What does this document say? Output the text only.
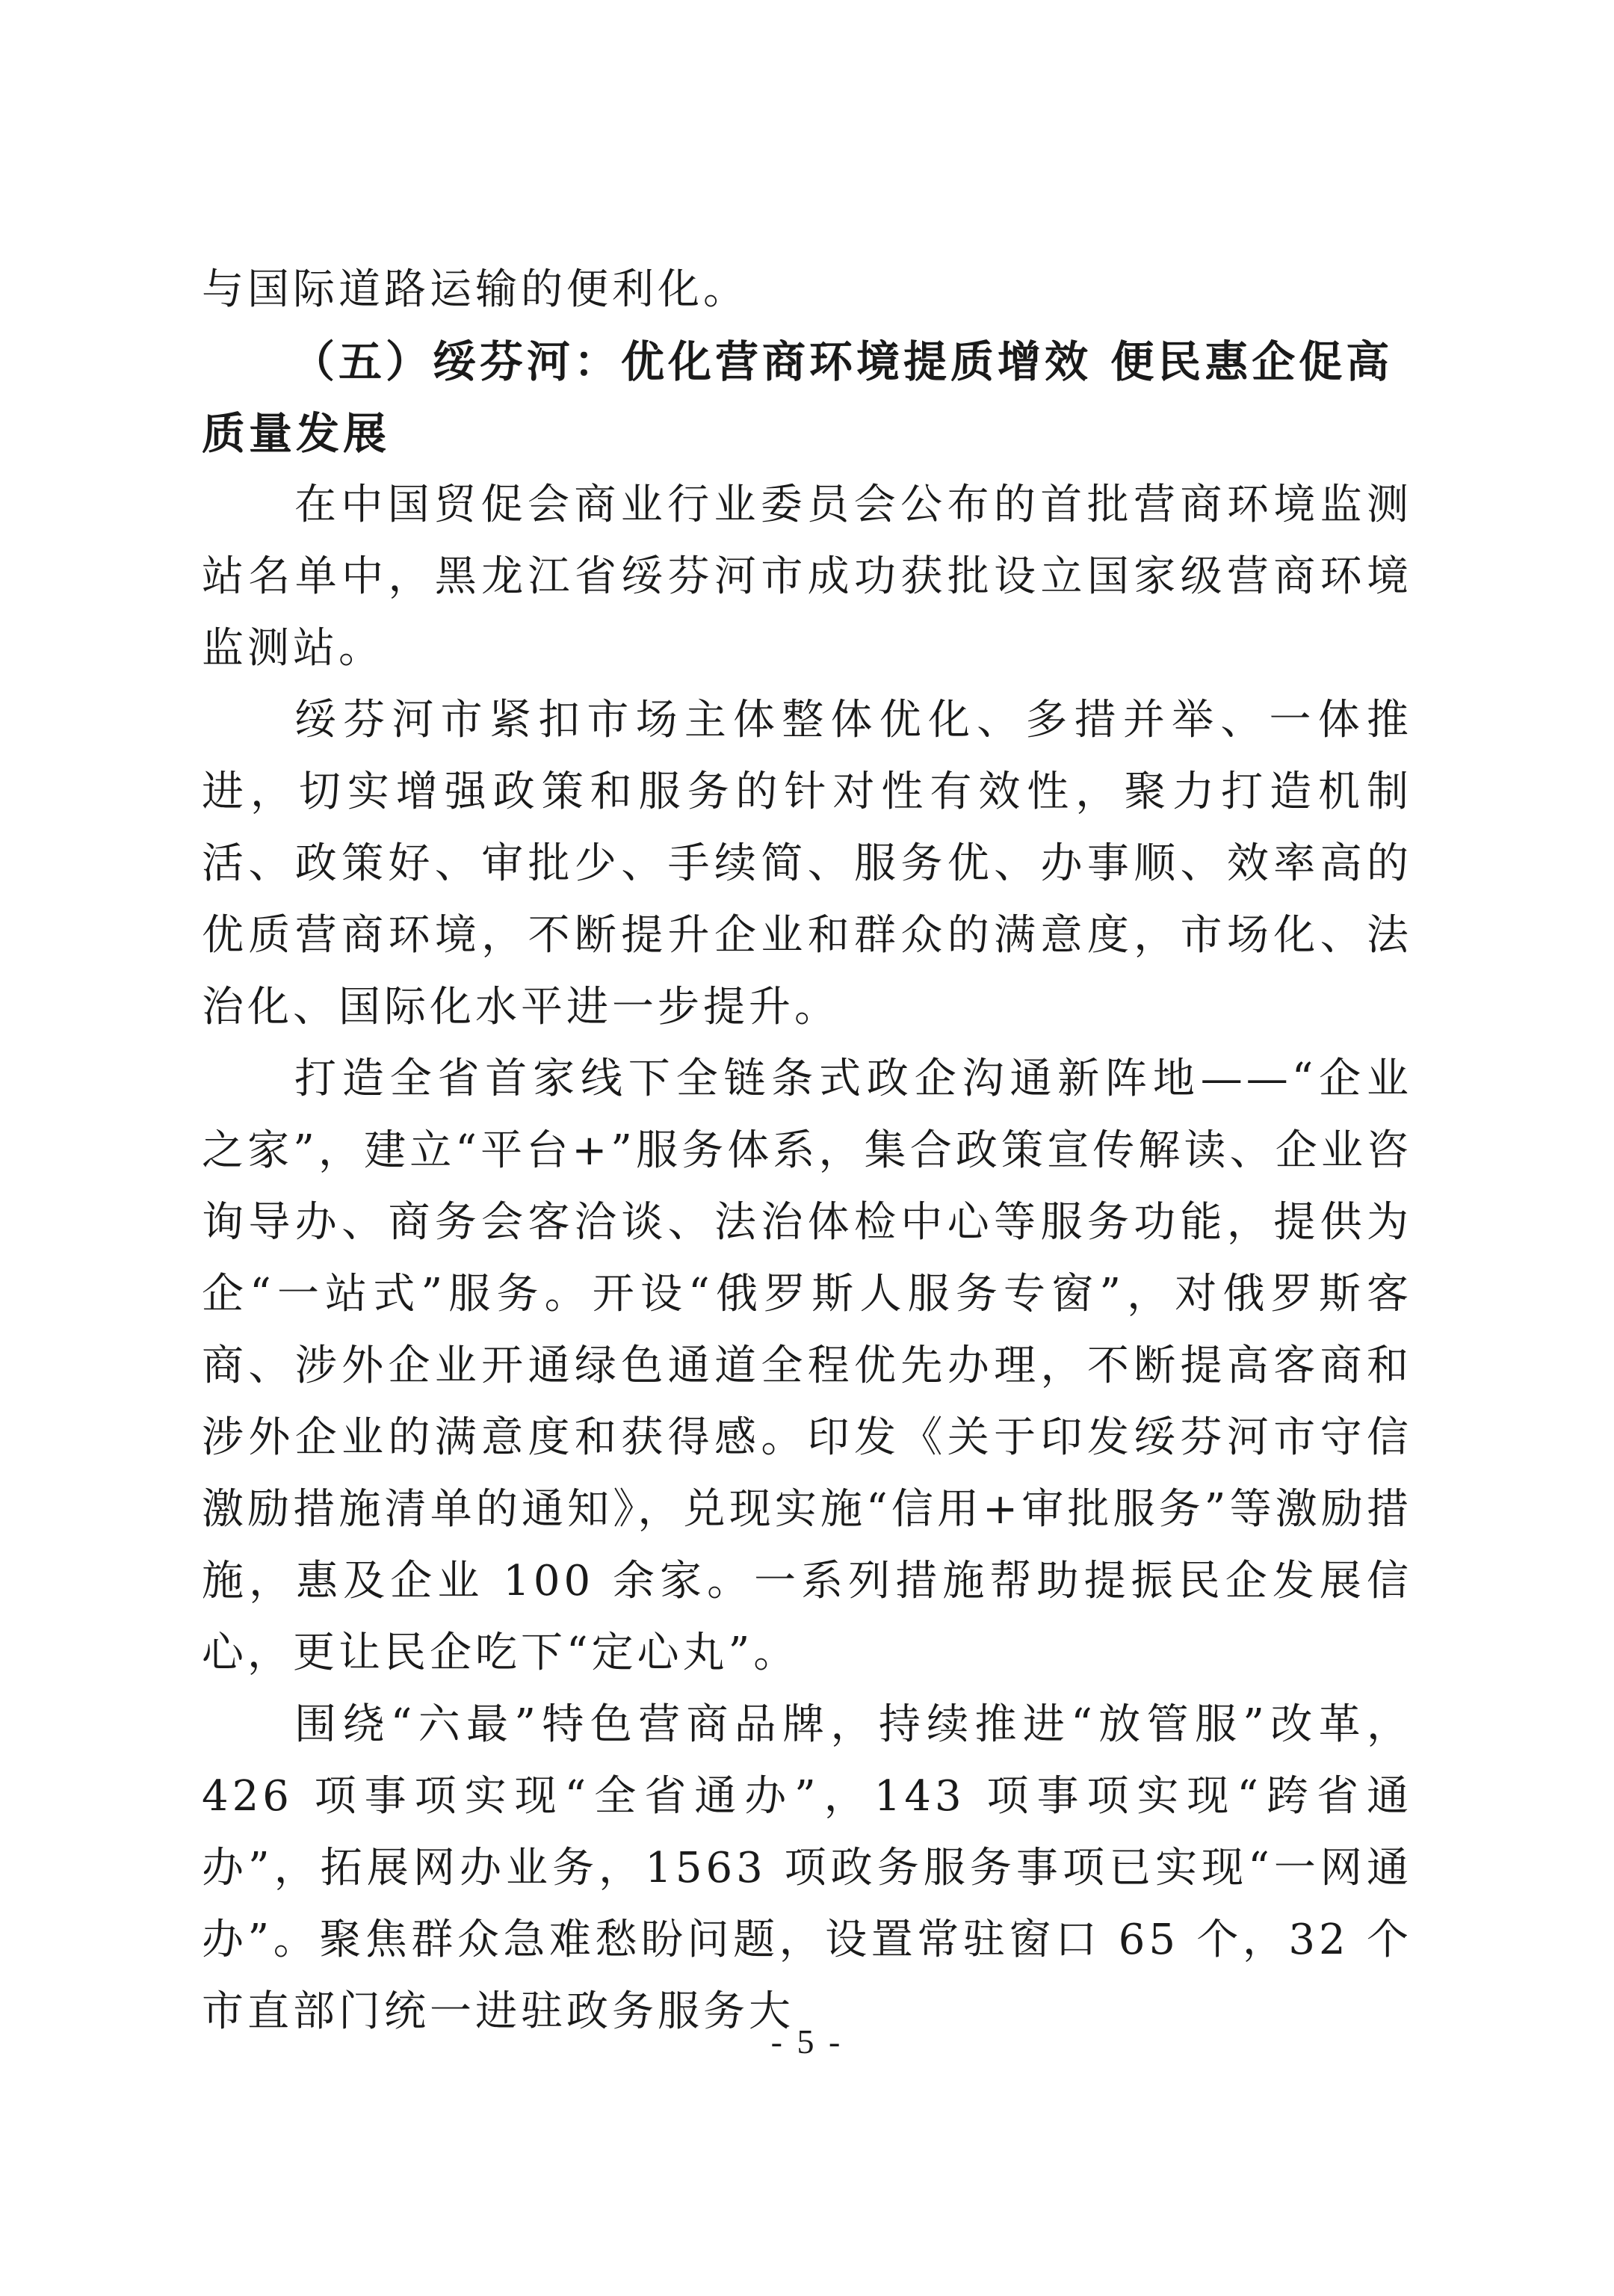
与国际道路运输的便利化。

（五）绥芬河：优化营商环境提质增效 便民惠企促高质量发展

在中国贸促会商业行业委员会公布的首批营商环境监测站名单中，黑龙江省绥芬河市成功获批设立国家级营商环境监测站。

绥芬河市紧扣市场主体整体优化、多措并举、一体推进，切实增强政策和服务的针对性有效性，聚力打造机制活、政策好、审批少、手续简、服务优、办事顺、效率高的优质营商环境，不断提升企业和群众的满意度，市场化、法治化、国际化水平进一步提升。

打造全省首家线下全链条式政企沟通新阵地——“企业之家”，建立“平台+”服务体系，集合政策宣传解读、企业咨询导办、商务会客洽谈、法治体检中心等服务功能，提供为企“一站式”服务。开设“俄罗斯人服务专窗”，对俄罗斯客商、涉外企业开通绿色通道全程优先办理，不断提高客商和涉外企业的满意度和获得感。印发《关于印发绥芬河市守信激励措施清单的通知》，兑现实施“信用+审批服务”等激励措施，惠及企业 100 余家。一系列措施帮助提振民企发展信心，更让民企吃下“定心丸”。

围绕“六最”特色营商品牌，持续推进“放管服”改革，426 项事项实现“全省通办”，143 项事项实现“跨省通办”，拓展网办业务，1563 项政务服务事项已实现“一网通办”。聚焦群众急难愁盼问题，设置常驻窗口 65 个，32 个市直部门统一进驻政务服务大

- 5 -
